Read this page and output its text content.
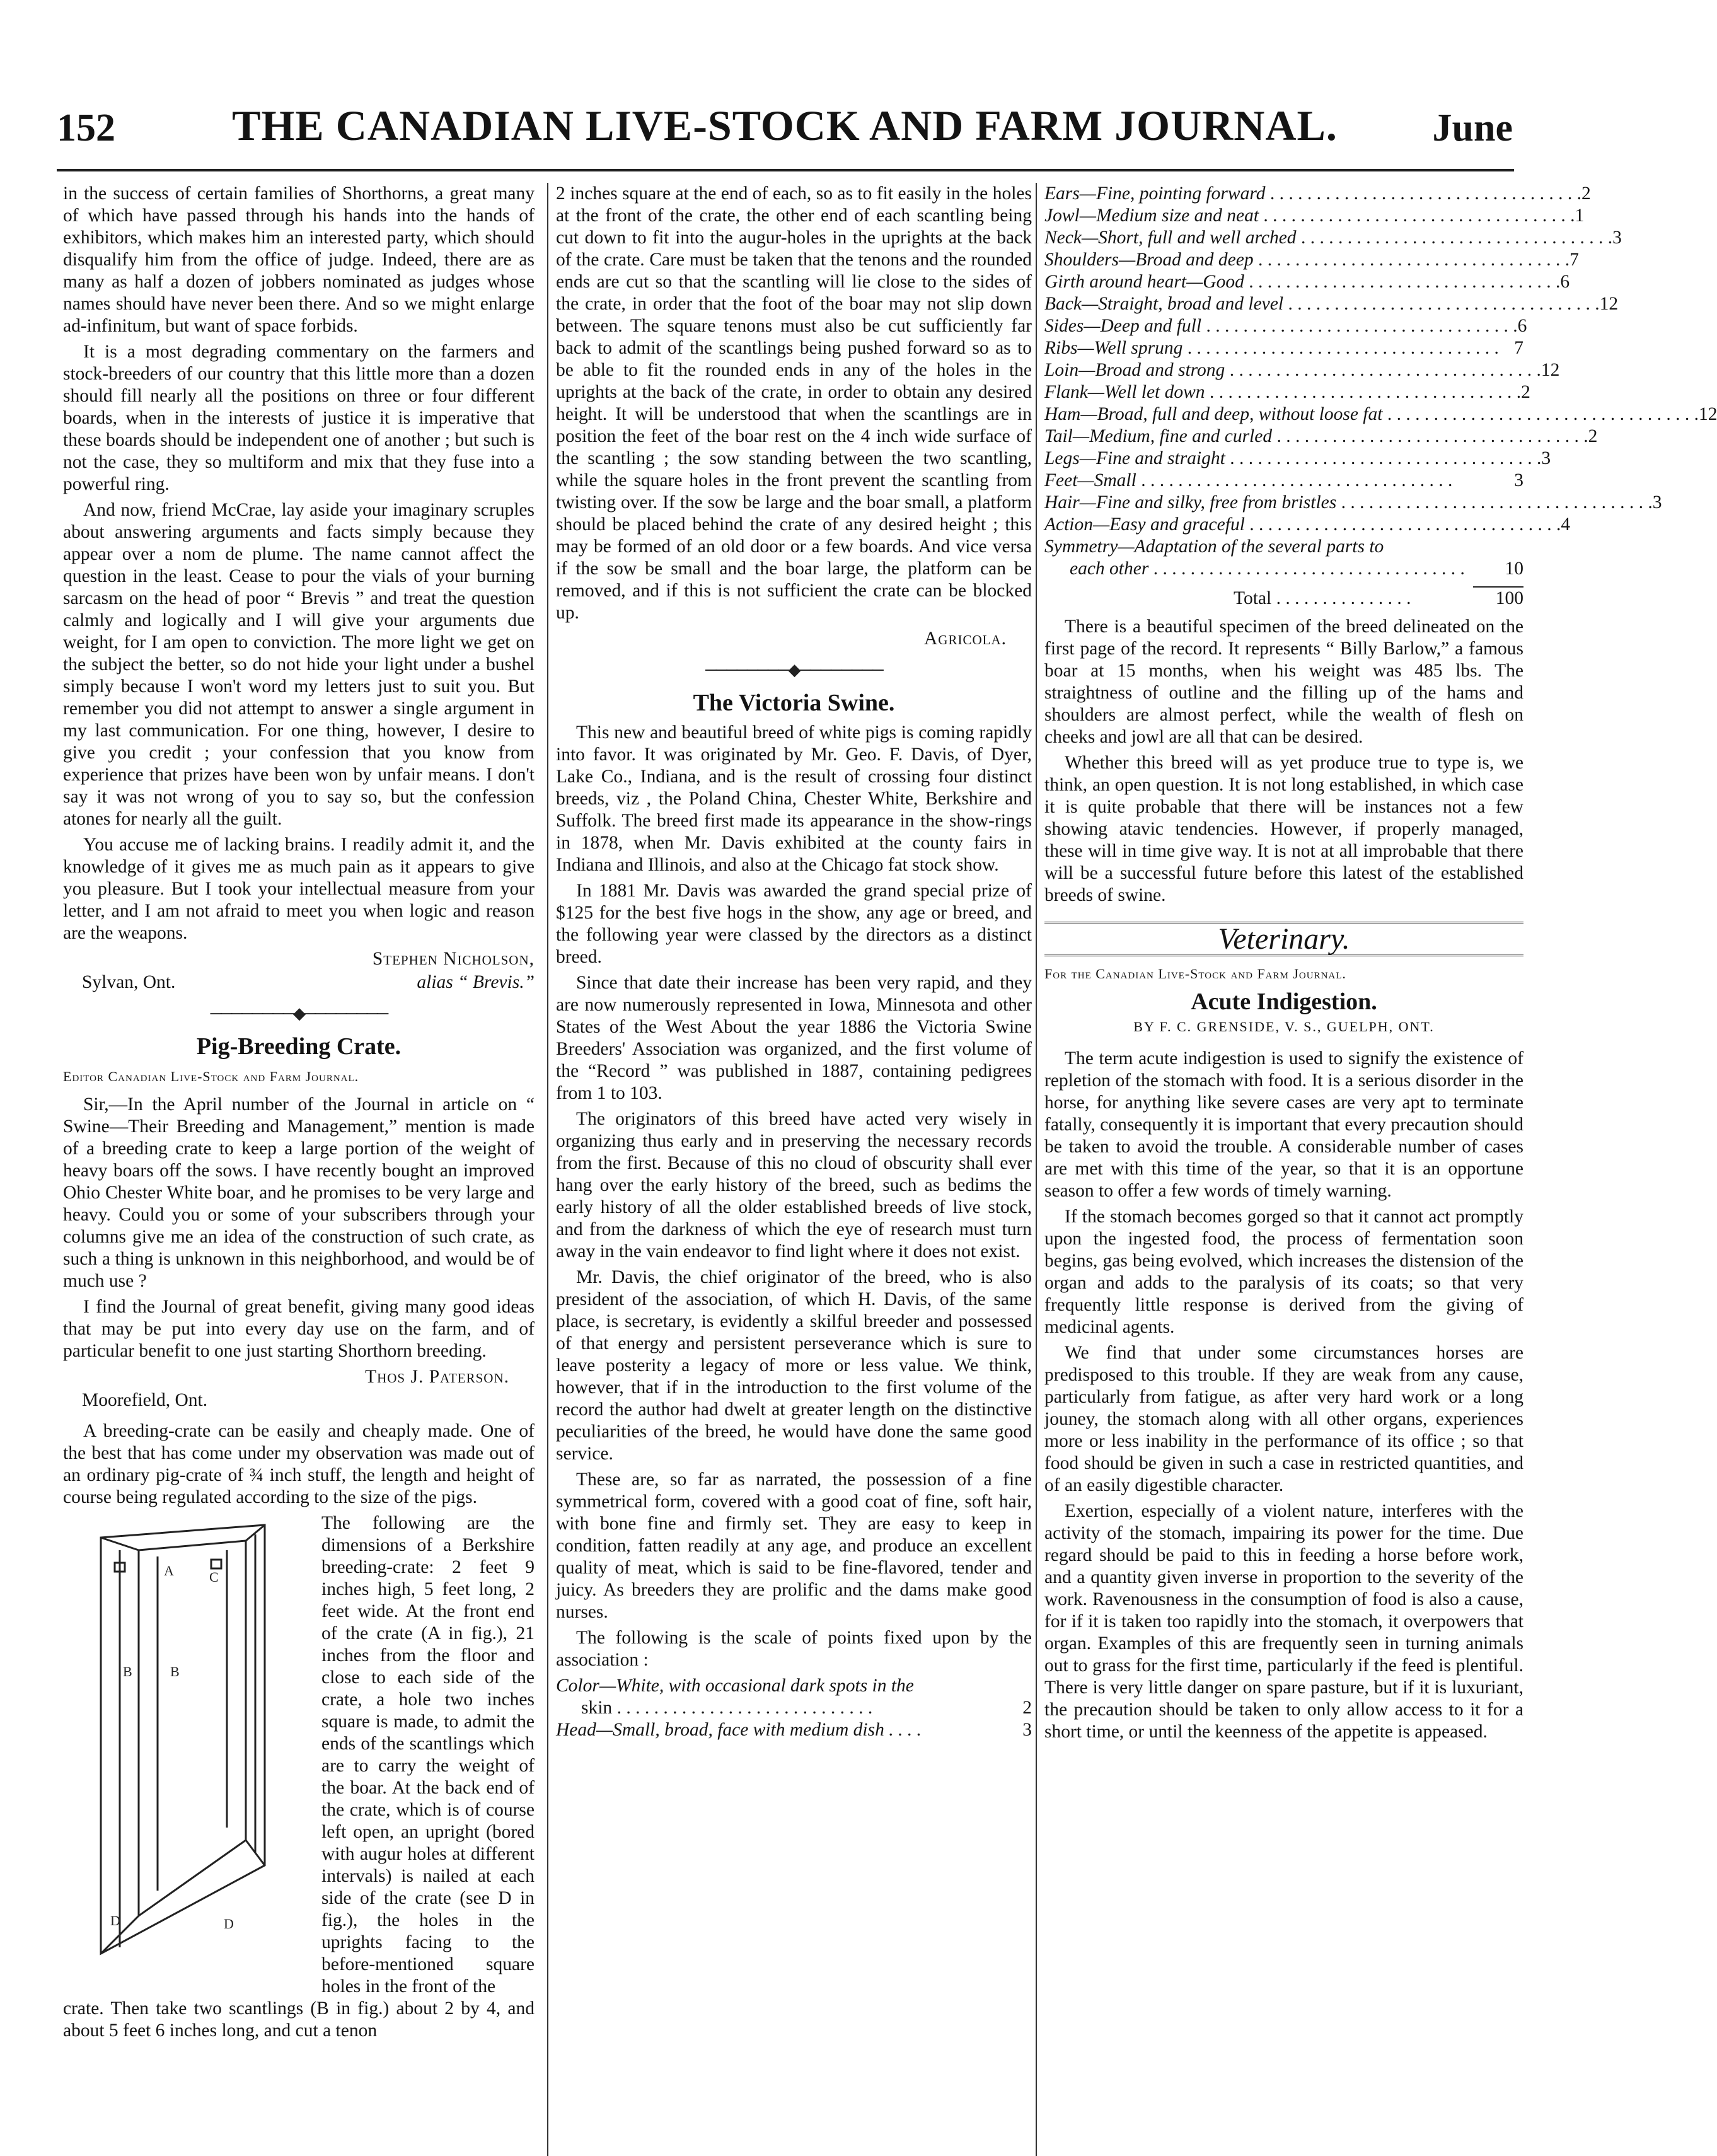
152	THE CANADIAN LIVE-STOCK AND FARM JOURNAL.	June

in the success of certain families of Shorthorns, a great many of which have passed through his hands into the hands of exhibitors, which makes him an interested party, which should disqualify him from the office of judge. Indeed, there are as many as half a dozen of jobbers nominated as judges whose names should have never been there. And so we might enlarge ad-infinitum, but want of space forbids.

It is a most degrading commentary on the farmers and stock-breeders of our country that this little more than a dozen should fill nearly all the positions on three or four different boards, when in the interests of justice it is imperative that these boards should be independent one of another ; but such is not the case, they so multiform and mix that they fuse into a powerful ring.

And now, friend McCrae, lay aside your imaginary scruples about answering arguments and facts simply because they appear over a nom de plume. The name cannot affect the question in the least. Cease to pour the vials of your burning sarcasm on the head of poor “ Brevis ” and treat the question calmly and logically and I will give your arguments due weight, for I am open to conviction. The more light we get on the subject the better, so do not hide your light under a bushel simply because I won't word my letters just to suit you. But remember you did not attempt to answer a single argument in my last communication. For one thing, however, I desire to give you credit ; your confession that you know from experience that prizes have been won by unfair means. I don't say it was not wrong of you to say so, but the confession atones for nearly all the guilt.

You accuse me of lacking brains. I readily admit it, and the knowledge of it gives me as much pain as it appears to give you pleasure. But I took your intellectual measure from your letter, and I am not afraid to meet you when logic and reason are the weapons.

Stephen Nicholson,
Sylvan, Ont.	alias “ Brevis.”
────────◆────────
Pig-Breeding Crate.
Editor Canadian Live-Stock and Farm Journal.

Sir,—In the April number of the Journal in article on “ Swine—Their Breeding and Management,” mention is made of a breeding crate to keep a large portion of the weight of heavy boars off the sows. I have recently bought an improved Ohio Chester White boar, and he promises to be very large and heavy. Could you or some of your subscribers through your columns give me an idea of the construction of such crate, as such a thing is unknown in this neighborhood, and would be of much use ?

I find the Journal of great benefit, giving many good ideas that may be put into every day use on the farm, and of particular benefit to one just starting Shorthorn breeding.

Thos J. Paterson.
Moorefield, Ont.

A breeding-crate can be easily and cheaply made. One of the best that has come under my observation was made out of an ordinary pig-crate of ¾ inch stuff, the length and height of course being regulated according to the size of the pigs.

A	C
B
B
D	D
The following are the dimensions of a Berkshire breeding-crate: 2 feet 9 inches high, 5 feet long, 2 feet wide. At the front end of the crate (A in fig.), 21 inches from the floor and close to each side of the crate, a hole two inches square is made, to admit the ends of the scantlings which are to carry the weight of the boar. At the back end of the crate, which is of course left open, an upright (bored with augur holes at different intervals) is nailed at each side of the crate (see D in fig.), the holes in the uprights facing to the before-mentioned square holes in the front of the

crate. Then take two scantlings (B in fig.) about 2 by 4, and about 5 feet 6 inches long, and cut a tenon

2 inches square at the end of each, so as to fit easily in the holes at the front of the crate, the other end of each scantling being cut down to fit into the augur-holes in the uprights at the back of the crate. Care must be taken that the tenons and the rounded ends are cut so that the scantling will lie close to the sides of the crate, in order that the foot of the boar may not slip down between. The square tenons must also be cut sufficiently far back to admit of the scantlings being pushed forward so as to be able to fit the rounded ends in any of the holes in the uprights at the back of the crate, in order to obtain any desired height. It will be understood that when the scantlings are in position the feet of the boar rest on the 4 inch wide surface of the scantling ; the sow standing between the two scantling, while the square holes in the front prevent the scantling from twisting over. If the sow be large and the boar small, a platform should be placed behind the crate of any desired height ; this may be formed of an old door or a few boards. And vice versa if the sow be small and the boar large, the platform can be removed, and if this is not sufficient the crate can be blocked up.

Agricola.
────────◆────────
The Victoria Swine.

This new and beautiful breed of white pigs is coming rapidly into favor. It was originated by Mr. Geo. F. Davis, of Dyer, Lake Co., Indiana, and is the result of crossing four distinct breeds, viz , the Poland China, Chester White, Berkshire and Suffolk. The breed first made its appearance in the show-rings in 1878, when Mr. Davis exhibited at the county fairs in Indiana and Illinois, and also at the Chicago fat stock show.

In 1881 Mr. Davis was awarded the grand special prize of $125 for the best five hogs in the show, any age or breed, and the following year were classed by the directors as a distinct breed.

Since that date their increase has been very rapid, and they are now numerously represented in Iowa, Minnesota and other States of the West About the year 1886 the Victoria Swine Breeders' Association was organized, and the first volume of the “Record ” was published in 1887, containing pedigrees from 1 to 103.

The originators of this breed have acted very wisely in organizing thus early and in preserving the necessary records from the first. Because of this no cloud of obscurity shall ever hang over the early history of the breed, such as bedims the early history of all the older established breeds of live stock, and from the darkness of which the eye of research must turn away in the vain endeavor to find light where it does not exist.

Mr. Davis, the chief originator of the breed, who is also president of the association, of which H. Davis, of the same place, is secretary, is evidently a skilful breeder and possessed of that energy and persistent perseverance which is sure to leave posterity a legacy of more or less value. We think, however, that if in the introduction to the first volume of the record the author had dwelt at greater length on the distinctive peculiarities of the breed, he would have done the same good service.

These are, so far as narrated, the possession of a fine symmetrical form, covered with a good coat of fine, soft hair, with bone fine and firmly set. They are easy to keep in condition, fatten readily at any age, and produce an excellent quality of meat, which is said to be fine-flavored, tender and juicy. As breeders they are prolific and the dams make good nurses.

The following is the scale of points fixed upon by the association :

Color—White, with occasional dark spots in the
skin . . . . . . . . . . . . . . . . . . . . . . . . . . . .	2
Head—Small, broad, face with medium dish . . . .	3
Ears—Fine, pointing forward . . . . . . . . . . . . . . . . . . . . . . . . . . . . . . . . . . 2
Jowl—Medium size and neat . . . . . . . . . . . . . . . . . . . . . . . . . . . . . . . . . . 1
Neck—Short, full and well arched . . . . . . . . . . . . . . . . . . . . . . . . . . . . . . . . . . 3
Shoulders—Broad and deep . . . . . . . . . . . . . . . . . . . . . . . . . . . . . . . . . . 7
Girth around heart—Good . . . . . . . . . . . . . . . . . . . . . . . . . . . . . . . . . . 6
Back—Straight, broad and level . . . . . . . . . . . . . . . . . . . . . . . . . . . . . . . . . . 12
Sides—Deep and full . . . . . . . . . . . . . . . . . . . . . . . . . . . . . . . . . . 6
Ribs—Well sprung . . . . . . . . . . . . . . . . . . . . . . . . . . . . . . . . . . 7
Loin—Broad and strong . . . . . . . . . . . . . . . . . . . . . . . . . . . . . . . . . . 12
Flank—Well let down . . . . . . . . . . . . . . . . . . . . . . . . . . . . . . . . . . 2
Ham—Broad, full and deep, without loose fat . . . . . . . . . . . . . . . . . . . . . . . . . . . . . . . . . . 12
Tail—Medium, fine and curled . . . . . . . . . . . . . . . . . . . . . . . . . . . . . . . . . . 2
Legs—Fine and straight . . . . . . . . . . . . . . . . . . . . . . . . . . . . . . . . . . 3
Feet—Small . . . . . . . . . . . . . . . . . . . . . . . . . . . . . . . . . .	3
Hair—Fine and silky, free from bristles . . . . . . . . . . . . . . . . . . . . . . . . . . . . . . . . . . 3
Action—Easy and graceful . . . . . . . . . . . . . . . . . . . . . . . . . . . . . . . . . . 4
Symmetry—Adaptation of the several parts to
each other . . . . . . . . . . . . . . . . . . . . . . . . . . . . . . . . . .	10
Total . . . . . . . . . . . . . . .	100

There is a beautiful specimen of the breed delineated on the first page of the record. It represents “ Billy Barlow,” a famous boar at 15 months, when his weight was 485 lbs. The straightness of outline and the filling up of the hams and shoulders are almost perfect, while the wealth of flesh on cheeks and jowl are all that can be desired.

Whether this breed will as yet produce true to type is, we think, an open question. It is not long established, in which case it is quite probable that there will be instances not a few showing atavic tendencies. However, if properly managed, these will in time give way. It is not at all improbable that there will be a successful future before this latest of the established breeds of swine.

Veterinary.
For the Canadian Live-Stock and Farm Journal.
Acute Indigestion.
BY F. C. GRENSIDE, V. S., GUELPH, ONT.

The term acute indigestion is used to signify the existence of repletion of the stomach with food. It is a serious disorder in the horse, for anything like severe cases are very apt to terminate fatally, consequently it is important that every precaution should be taken to avoid the trouble. A considerable number of cases are met with this time of the year, so that it is an opportune season to offer a few words of timely warning.

If the stomach becomes gorged so that it cannot act promptly upon the ingested food, the process of fermentation soon begins, gas being evolved, which increases the distension of the organ and adds to the paralysis of its coats; so that very frequently little response is derived from the giving of medicinal agents.

We find that under some circumstances horses are predisposed to this trouble. If they are weak from any cause, particularly from fatigue, as after very hard work or a long jouney, the stomach along with all other organs, experiences more or less inability in the performance of its office ; so that food should be given in such a case in restricted quantities, and of an easily digestible character.

Exertion, especially of a violent nature, interferes with the activity of the stomach, impairing its power for the time. Due regard should be paid to this in feeding a horse before work, and a quantity given inverse in proportion to the severity of the work. Ravenousness in the consumption of food is also a cause, for if it is taken too rapidly into the stomach, it overpowers that organ. Examples of this are frequently seen in turning animals out to grass for the first time, particularly if the feed is plentiful. There is very little danger on spare pasture, but if it is luxuriant, the precaution should be taken to only allow access to it for a short time, or until the keenness of the appetite is appeased.
